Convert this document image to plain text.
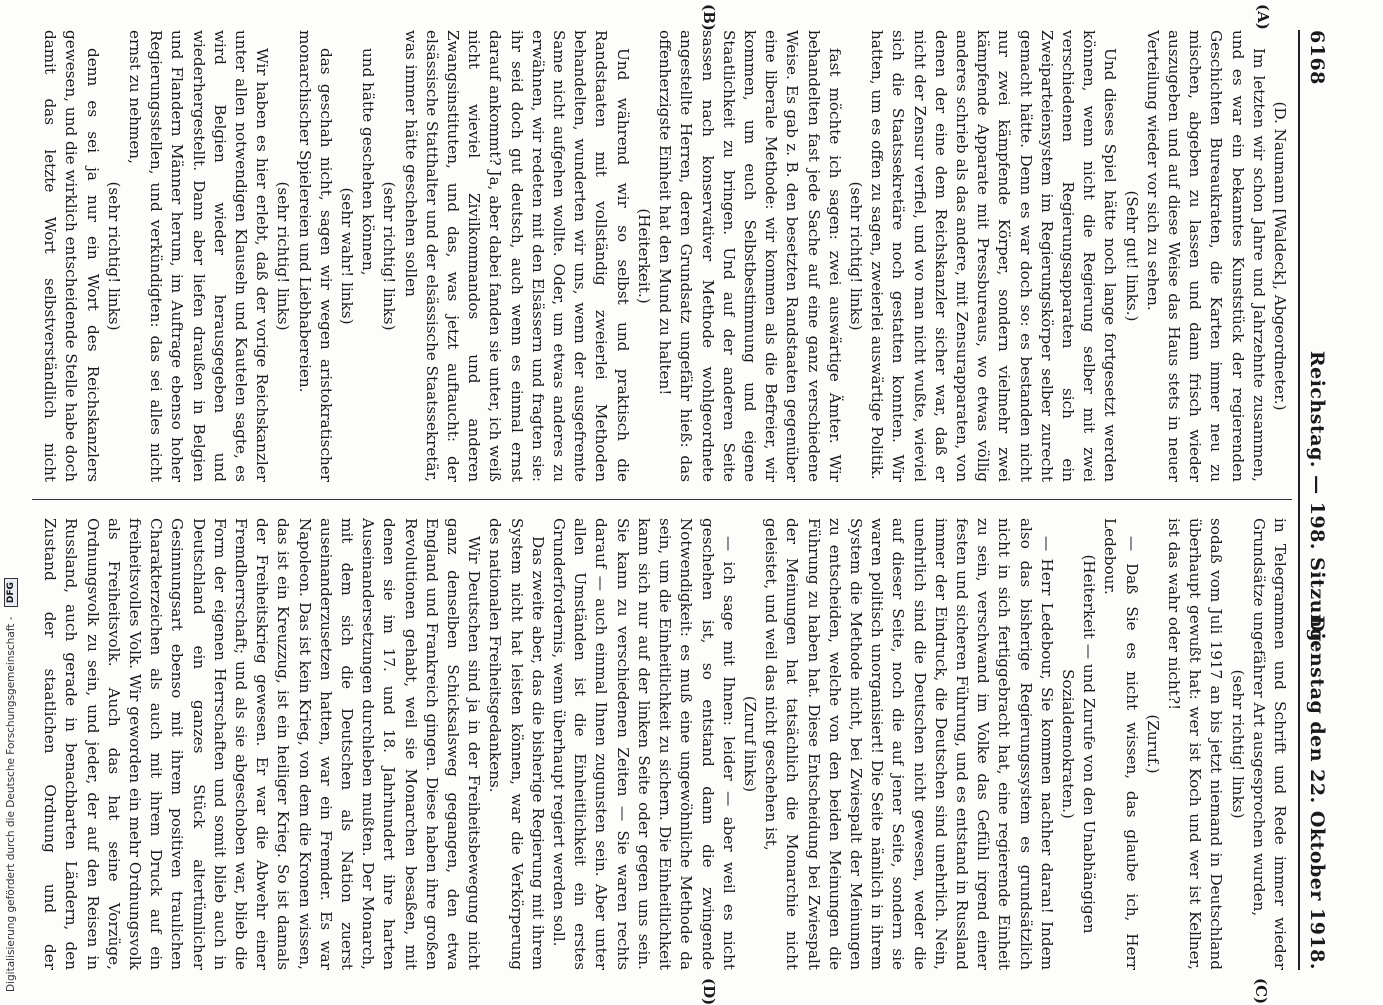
6168
Reichstag. — 198. Sitzung.
Dienstag den 22. Oktober 1918.
(A)
(B)
(C)
(D)

(D. Naumann [Waldeck], Abgeordneter.)

Im letzten wir schon Jahre und Jahrzehnte zusammen, und es war ein bekanntes Kunststück der regierenden Geschichten Bureaukraten, die Karten immer neu zu mischen, abgeben zu lassen und dann frisch wieder auszugeben und auf diese Weise das Haus stets in neuer Verteilung wieder vor sich zu sehen.

(Sehr gut! links.)

Und dieses Spiel hätte noch lange fortgesetzt werden können, wenn nicht die Regierung selber mit zwei verschiedenen Regierungsapparaten sich ein Zweiparteiensystem im Regierungskörper selber zurecht gemacht hätte. Denn es war doch so: es bestanden nicht nur zwei kämpfende Körper, sondern vielmehr zwei kämpfende Apparate mit Pressbureaus, wo etwas völlig anderes schrieb als das andere, mit Zensurapparaten, von denen der eine dem Reichskanzler sicher war, daß er nicht der Zensur verfiel, und wo man nicht wußte, wieviel sich die Staatssekretäre noch gestatten konnten. Wir hatten, um es offen zu sagen, zweierlei auswärtige Politik.

(sehr richtig! links)

fast möchte ich sagen: zwei auswärtige Ämter. Wir behandelten fast jede Sache auf eine ganz verschiedene Weise. Es gab z. B. den besetzten Randstaaten gegenüber eine liberale Methode: wir kommen als die Befreier, wir kommen, um euch Selbstbestimmung und eigene Staatlichkeit zu bringen. Und auf der anderen Seite sassen nach konservativer Methode wohlgeordnete angestellte Herren, deren Grundsatz ungefähr hieß: das offenherzigste Einheit hat den Mund zu halten!

(Heiterkeit.)

Und während wir so selbst und praktisch die Randstaaten mit vollständig zweierlei Methoden behandelten, wunderten wir uns, wenn der ausgefremte Same nicht aufgehen wollte. Oder, um etwas anderes zu erwähnen, wir redeten mit den Elsässern und fragten sie: ihr seid doch gut deutsch, auch wenn es einmal ernst darauf ankommt? Ja, aber dabei fanden sie unter, ich weiß nicht wieviel Zivilkommandos und anderen Zwangsinstituten, und das, was jetzt auftaucht: der elsässische Statthalter und der elsässische Staatssekretär, was immer hätte geschehen sollen

(sehr richtig! links)

und hätte geschehen können,

(sehr wahr! links)

das geschah nicht, sagen wir wegen aristokratischer monarchischer Spielereien und Liebhabereien.

(sehr richtig! links)

Wir haben es hier erlebt, daß der vorige Reichskanzler unter allen notwendigen Klauseln und Kautelen sagte, es wird Belgien wieder herausgegeben und wiederhergestellt. Dann aber liefen draußen in Belgien und Flandern Männer herum, im Auftrage ebenso hoher Regierungsstellen, und verkündigten: das sei alles nicht ernst zu nehmen,

(sehr richtig! links)

denn es sei ja nur ein Wort des Reichskanzlers gewesen, und die wirklich entscheidende Stelle habe doch damit das letzte Wort selbstverständlich nicht

in Telegrammen und Schrift und Rede immer wieder Grundsätze ungefährer Art ausgesprochen wurden,

(sehr richtig! links)

sodaß vom Juli 1917 an bis jetzt niemand in Deutschland überhaupt gewußt hat: wer ist Koch und wer ist Kellner, ist das wahr oder nicht?!

(Zuruf.)

— Daß Sie es nicht wissen, das glaube ich, Herr Ledebour.

(Heiterkeit — und Zurufe von den Unabhängigen Sozialdemokraten.)

— Herr Ledebour, Sie kommen nachher daran! Indem also das bisherige Regierungssystem es grundsätzlich nicht in sich fertiggebracht hat, eine regierende Einheit zu sein, verschwand im Volke das Gefühl irgend einer festen und sicheren Führung, und es entstand in Russland immer der Eindruck, die Deutschen sind unehrlich. Nein, unehrlich sind die Deutschen nicht gewesen, weder die auf dieser Seite, noch die auf jener Seite, sondern sie waren politisch unorganisiert! Die Seite nämlich in ihrem System die Methode nicht, bei Zwiespalt der Meinungen zu entscheiden, welche von den beiden Meinungen die Führung zu haben hat. Diese Entscheidung bei Zwiespalt der Meinungen hat tatsächlich die Monarchie nicht geleistet, und weil das nicht geschehen ist,

(Zuruf links)

— ich sage mit Ihnen: leider — aber weil es nicht geschehen ist, so entstand dann die zwingende Notwendigkeit: es muß eine ungewöhnliche Methode da sein, um die Einheitlichkeit zu sichern. Die Einheitlichkeit kann sich nur auf der linken Seite oder gegen uns sein. Sie kann zu verschiedenen Zeiten — Sie waren rechts darauf — auch einmal Ihnen zugunsten sein. Aber unter allen Umständen ist die Einheitlichkeit ein erstes Grunderfordernis, wenn überhaupt regiert werden soll.

Das zweite aber, das die bisherige Regierung mit ihrem System nicht hat leisten können, war die Verkörperung des nationalen Freiheitsgedankens.

Wir Deutschen sind ja in der Freiheitsbewegung nicht ganz denselben Schicksalsweg gegangen, den etwa England und Frankreich gingen. Diese haben ihre großen Revolutionen gehabt, weil sie Monarchen besaßen, mit denen sie im 17. und 18. Jahrhundert ihre harten Auseinandersetzungen durchleben mußten. Der Monarch, mit dem sich die Deutschen als Nation zuerst auseinanderzusetzen hatten, war ein Fremder. Es war Napoleon. Das ist kein Krieg, von dem die Kronen wissen, das ist ein Kreuzzug, ist ein heiliger Krieg. So ist damals der Freiheitskrieg gewesen. Er war die Abwehr einer Fremdherrschaft; und als sie abgeschoben war, blieb die Form der eigenen Herrschaften und somit blieb auch in Deutschland ein ganzes Stück altertümlicher Gesinnungsart ebenso mit ihrem positiven traulichen Charakterzeichen als auch mit ihrem Druck auf ein freiheitsvolles Volk. Wir geworden ein mehr Ordnungsvolk als Freiheitsvolk. Auch das hat seine Vorzüge, Ordnungsvolk zu sein, und jeder, der auf den Reisen in Russland, auch gerade in benachbarten Ländern, den Zustand der staatlichen Ordnung und der

Digitalisierung gefördert durch die Deutsche Forschungsgemeinschaft - DFG
